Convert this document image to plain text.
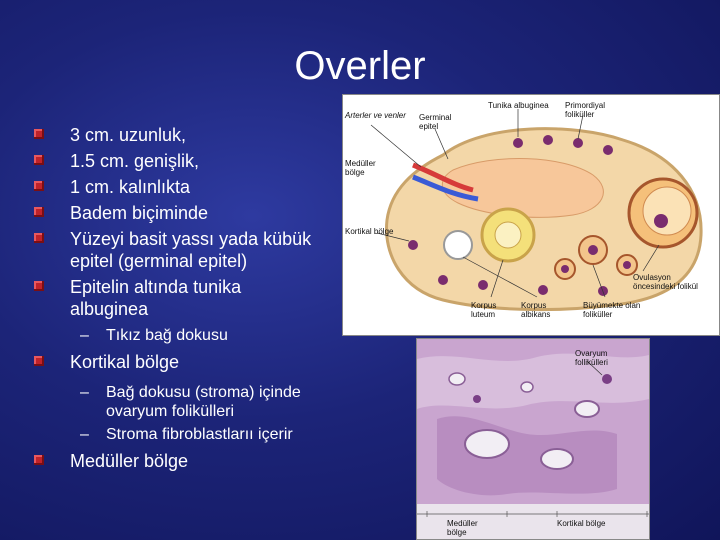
Overler
3 cm. uzunluk,
1.5 cm. genişlik,
1 cm. kalınlıkta
Badem biçiminde
Yüzeyi basit yassı yada kübük epitel (germinal epitel)
Epitelin altında tunika albuginea
– Tıkız bağ dokusu
Kortikal bölge
– Bağ dokusu (stroma) içinde ovaryum folikülleri
– Stroma fibroblastlarıı içerir
Medüller bölge
Arterler ve venler Germinal epitel
Tunika albuginea Primordiyal foliküller
Medüller bölge
Kortikal bölge
Ovulasyon öncesindeki folikül
Korpus luteum
Korpus albikans
Büyümekte olan foliküller
Ovaryum follikülleri
Medüller bölge
Kortikal bölge
